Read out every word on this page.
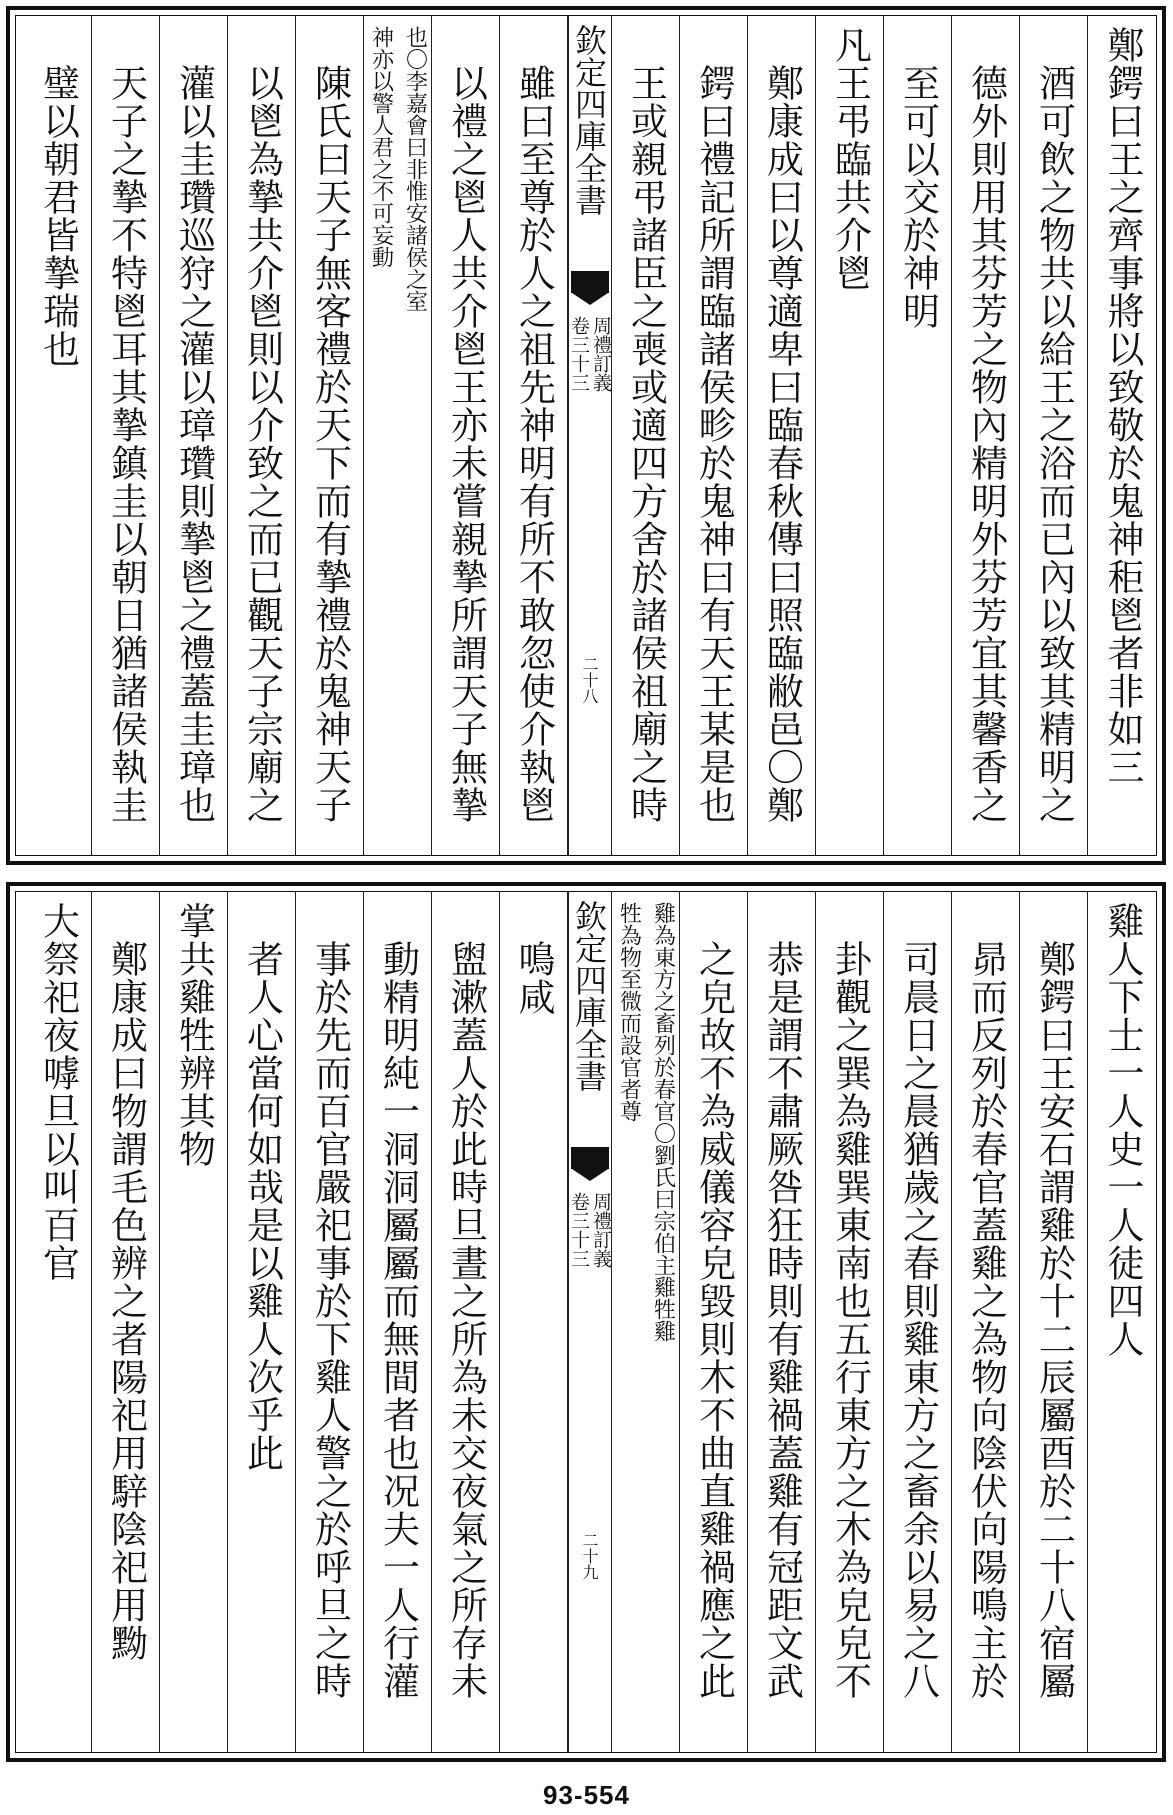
鄭鍔曰王之齊事將以致敬於鬼神秬鬯者非如三
酒可飲之物共以給王之浴而已內以致其精明之
德外則用其芬芳之物內精明外芬芳宜其馨香之
至可以交於神明
凡王弔臨共介鬯
鄭康成曰以尊適卑曰臨春秋傳曰照臨敝邑〇鄭
鍔曰禮記所謂臨諸侯畛於鬼神曰有天王某是也
王或親弔諸臣之喪或適四方舍於諸侯祖廟之時
欽定四庫全書
周禮訂義
卷三十三
二十八
雖曰至尊於人之祖先神明有所不敢忽使介執鬯
以禮之鬯人共介鬯王亦未嘗親摯所謂天子無摯
也〇李嘉會曰非惟安諸侯之室
神亦以警人君之不可妄動
陳氏曰天子無客禮於天下而有摯禮於鬼神天子
以鬯為摯共介鬯則以介致之而已觀天子宗廟之
灌以圭瓚巡狩之灌以璋瓚則摯鬯之禮蓋圭璋也
天子之摯不特鬯耳其摯鎮圭以朝日猶諸侯執圭
璧以朝君皆摯瑞也
雞人下士一人史一人徒四人
鄭鍔曰王安石謂雞於十二辰屬酉於二十八宿屬
昴而反列於春官蓋雞之為物向陰伏向陽鳴主於
司晨日之晨猶歲之春則雞東方之畜余以易之八
卦觀之巽為雞巽東南也五行東方之木為皃皃不
恭是謂不肅厥咎狂時則有雞禍蓋雞有冠距文武
之皃故不為威儀容皃毀則木不曲直雞禍應之此
雞為東方之畜列於春官〇劉氏曰宗伯主雞牲雞
牲為物至微而設官者尊
欽定四庫全書
周禮訂義
卷三十三
二十九
鳴咸
盥漱蓋人於此時旦晝之所為未交夜氣之所存未
動精明純一洞洞屬屬而無間者也况夫一人行灌
事於先而百官嚴祀事於下雞人警之於呼旦之時
者人心當何如哉是以雞人次乎此
掌共雞牲辨其物
鄭康成曰物謂毛色辨之者陽祀用騂陰祀用黝
大祭祀夜嘑旦以叫百官
93-554
